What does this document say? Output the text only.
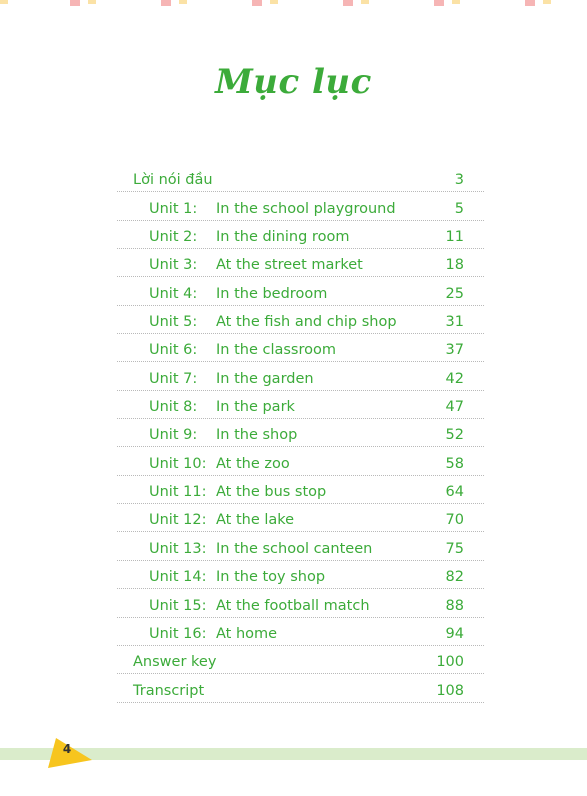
Mục lục
Lời nói đầu	3
Unit 1: In the school playground	5
Unit 2: In the dining room	11
Unit 3: At the street market	18
Unit 4: In the bedroom	25
Unit 5: At the fish and chip shop	31
Unit 6: In the classroom	37
Unit 7: In the garden	42
Unit 8: In the park	47
Unit 9: In the shop	52
Unit 10: At the zoo	58
Unit 11: At the bus stop	64
Unit 12: At the lake	70
Unit 13: In the school canteen	75
Unit 14: In the toy shop	82
Unit 15: At the football match	88
Unit 16: At home	94
Answer key	100
Transcript	108
4
